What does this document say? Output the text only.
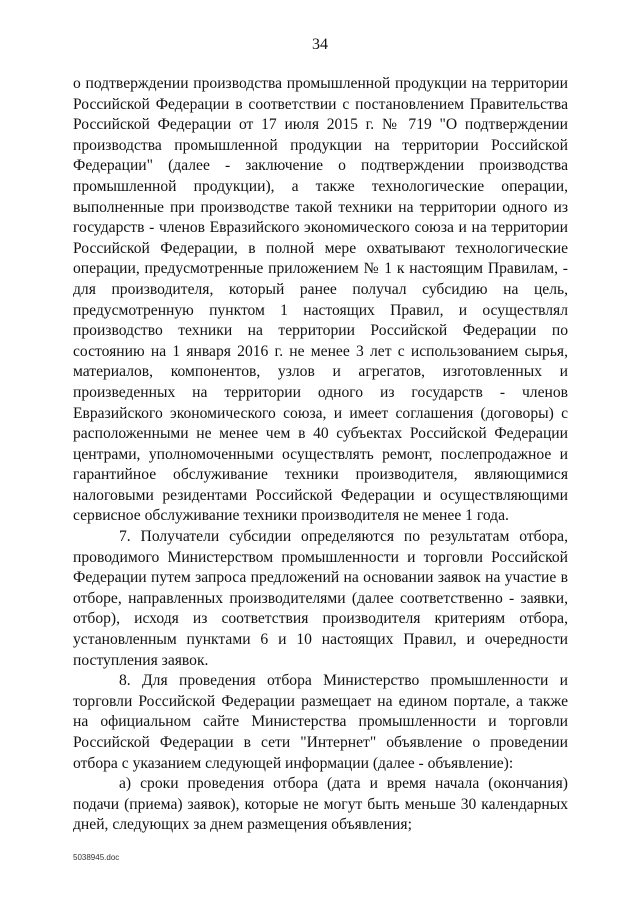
34

о подтверждении производства промышленной продукции на территории Российской Федерации в соответствии с постановлением Правительства Российской Федерации от 17 июля 2015 г. № 719 "О подтверждении производства промышленной продукции на территории Российской Федерации" (далее - заключение о подтверждении производства промышленной продукции), а также технологические операции, выполненные при производстве такой техники на территории одного из государств - членов Евразийского экономического союза и на территории Российской Федерации, в полной мере охватывают технологические операции, предусмотренные приложением № 1 к настоящим Правилам, - для производителя, который ранее получал субсидию на цель, предусмотренную пунктом 1 настоящих Правил, и осуществлял производство техники на территории Российской Федерации по состоянию на 1 января 2016 г. не менее 3 лет с использованием сырья, материалов, компонентов, узлов и агрегатов, изготовленных и произведенных на территории одного из государств - членов Евразийского экономического союза, и имеет соглашения (договоры) с расположенными не менее чем в 40 субъектах Российской Федерации центрами, уполномоченными осуществлять ремонт, послепродажное и гарантийное обслуживание техники производителя, являющимися налоговыми резидентами Российской Федерации и осуществляющими сервисное обслуживание техники производителя не менее 1 года.

7. Получатели субсидии определяются по результатам отбора, проводимого Министерством промышленности и торговли Российской Федерации путем запроса предложений на основании заявок на участие в отборе, направленных производителями (далее соответственно - заявки, отбор), исходя из соответствия производителя критериям отбора, установленным пунктами 6 и 10 настоящих Правил, и очередности поступления заявок.

8. Для проведения отбора Министерство промышленности и торговли Российской Федерации размещает на едином портале, а также на официальном сайте Министерства промышленности и торговли Российской Федерации в сети "Интернет" объявление о проведении отбора с указанием следующей информации (далее - объявление):

а) сроки проведения отбора (дата и время начала (окончания) подачи (приема) заявок), которые не могут быть меньше 30 календарных дней, следующих за днем размещения объявления;

5038945.doc
